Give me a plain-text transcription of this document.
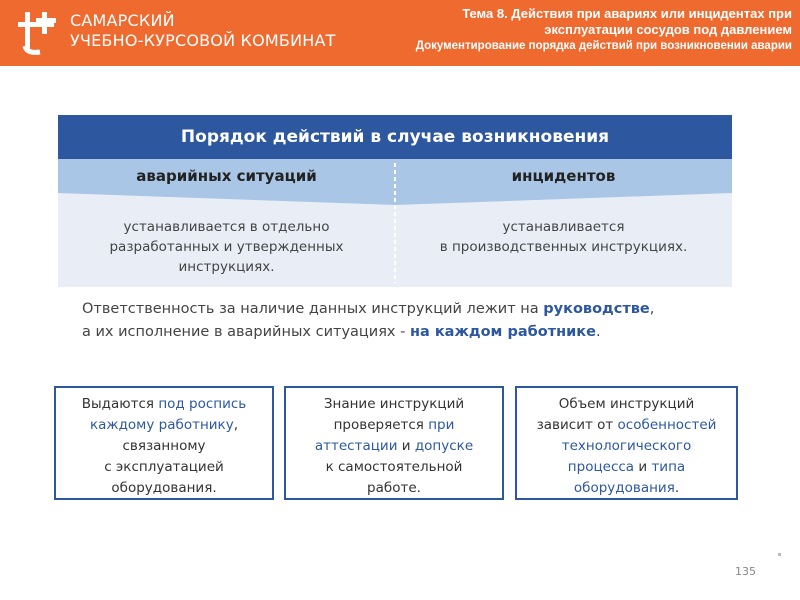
САМАРСКИЙ
УЧЕБНО-КУРСОВОЙ КОМБИНАТ
Тема 8. Действия при авариях или инцидентах при
эксплуатации сосудов под давлением
Документирование порядка действий при возникновении аварии
Порядок действий в случае возникновения
аварийных ситуаций	инцидентов
устанавливается в отдельно
разработанных и утвержденных
инструкциях.
устанавливается
в производственных инструкциях.
Ответственность за наличие данных инструкций лежит на руководстве,
а их исполнение в аварийных ситуациях - на каждом работнике.
Выдаются под роспись
каждому работнику,
связанному
с эксплуатацией
оборудования.
Знание инструкций
проверяется при
аттестации и допуске
к самостоятельной
работе.
Объем инструкций
зависит от особенностей
технологического
процесса и типа
оборудования.
135
